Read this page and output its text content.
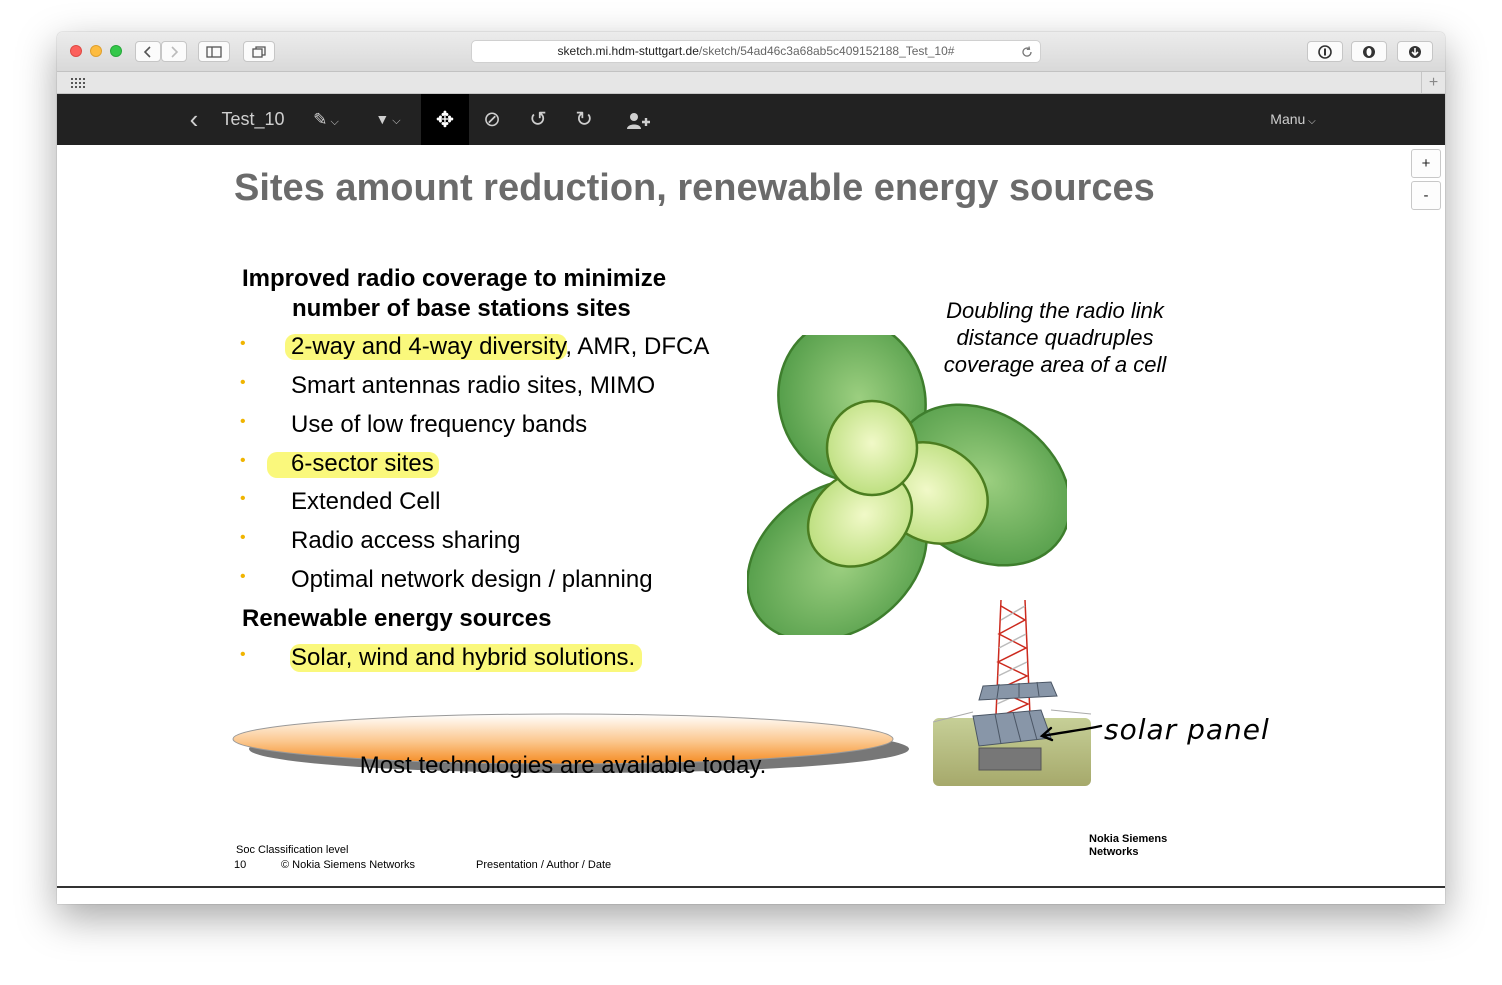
sketch.mi.hdm-stuttgart.de/sketch/54ad46c3a68ab5c409152188_Test_10#
+
‹	Test_10	✎ ⌵	▼ ⌵	✥	⊘ ↺ ↻	Manu ⌵
+
-
Sites amount reduction, renewable energy sources
Improved radio coverage to minimize
number of base stations sites
• 2-way and 4-way diversity, AMR, DFCA
• Smart antennas radio sites, MIMO
• Use of low frequency bands
• 6-sector sites
• Extended Cell
• Radio access sharing
• Optimal network design / planning
Renewable energy sources
• Solar, wind and hybrid solutions.
Most technologies are available today.
Doubling the radio link distance quadruples coverage area of a cell
solar panel
Soc Classification level
10	© Nokia Siemens Networks	Presentation / Author / Date
Nokia Siemens
Networks
